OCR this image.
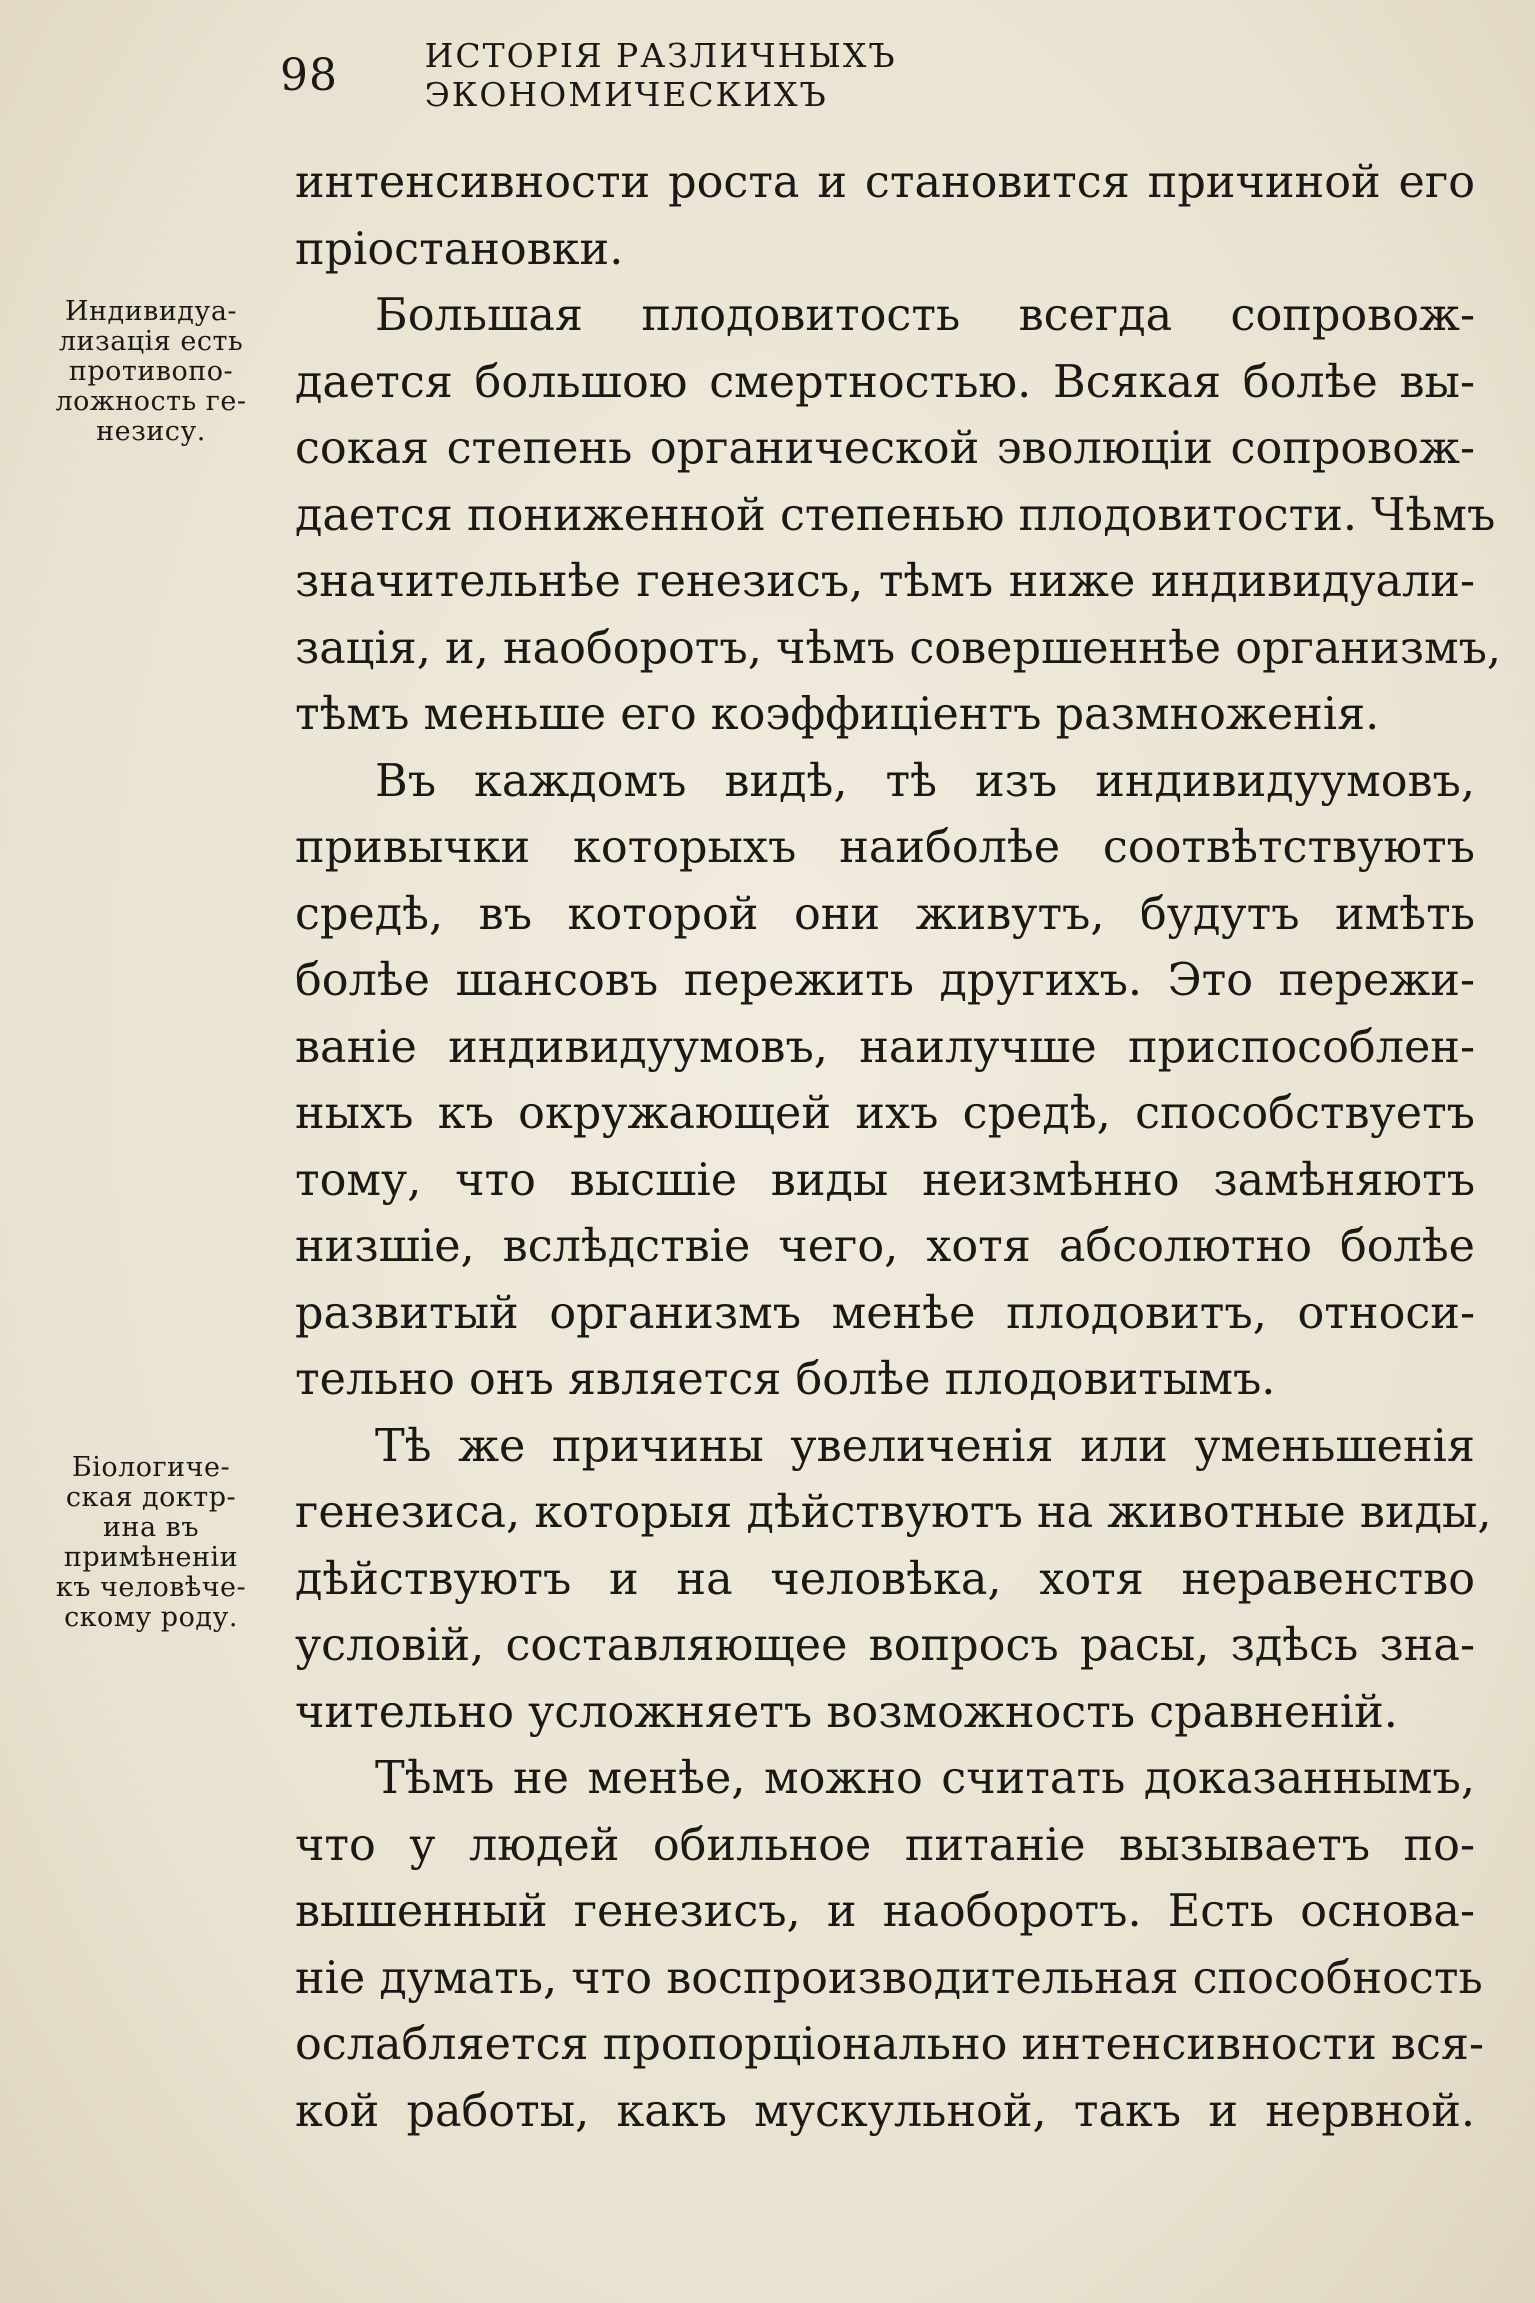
98	ИСТОРІЯ РАЗЛИЧНЫХЪ ЭКОНОМИЧЕСКИХЪ
Индивидуа-
лизація есть
противопо-
ложность ге-
незису.
Біологиче-
ская доктр-
ина въ
примѣненіи
къ человѣче-
скому роду.
интенсивности роста и становится причиной его
пріостановки.
Большая плодовитость всегда сопровож-
дается большою смертностью. Всякая болѣе вы-
сокая степень органической эволюціи сопровож-
дается пониженной степенью плодовитости. Чѣмъ
значительнѣе генезисъ, тѣмъ ниже индивидуали-
зація, и, наоборотъ, чѣмъ совершеннѣе организмъ,
тѣмъ меньше его коэффиціентъ размноженія.
Въ каждомъ видѣ, тѣ изъ индивидуумовъ,
привычки которыхъ наиболѣе соотвѣтствуютъ
средѣ, въ которой они живутъ, будутъ имѣть
болѣе шансовъ пережить другихъ. Это пережи-
ваніе индивидуумовъ, наилучше приспособлен-
ныхъ къ окружающей ихъ средѣ, способствуетъ
тому, что высшіе виды неизмѣнно замѣняютъ
низшіе, вслѣдствіе чего, хотя абсолютно болѣе
развитый организмъ менѣе плодовитъ, относи-
тельно онъ является болѣе плодовитымъ.
Тѣ же причины увеличенія или уменьшенія
генезиса, которыя дѣйствуютъ на животные виды,
дѣйствуютъ и на человѣка, хотя неравенство
условій, составляющее вопросъ расы, здѣсь зна-
чительно усложняетъ возможность сравненій.
Тѣмъ не менѣе, можно считать доказаннымъ,
что у людей обильное питаніе вызываетъ по-
вышенный генезисъ, и наоборотъ. Есть основа-
ніе думать, что воспроизводительная способность
ослабляется пропорціонально интенсивности вся-
кой работы, какъ мускульной, такъ и нервной.
